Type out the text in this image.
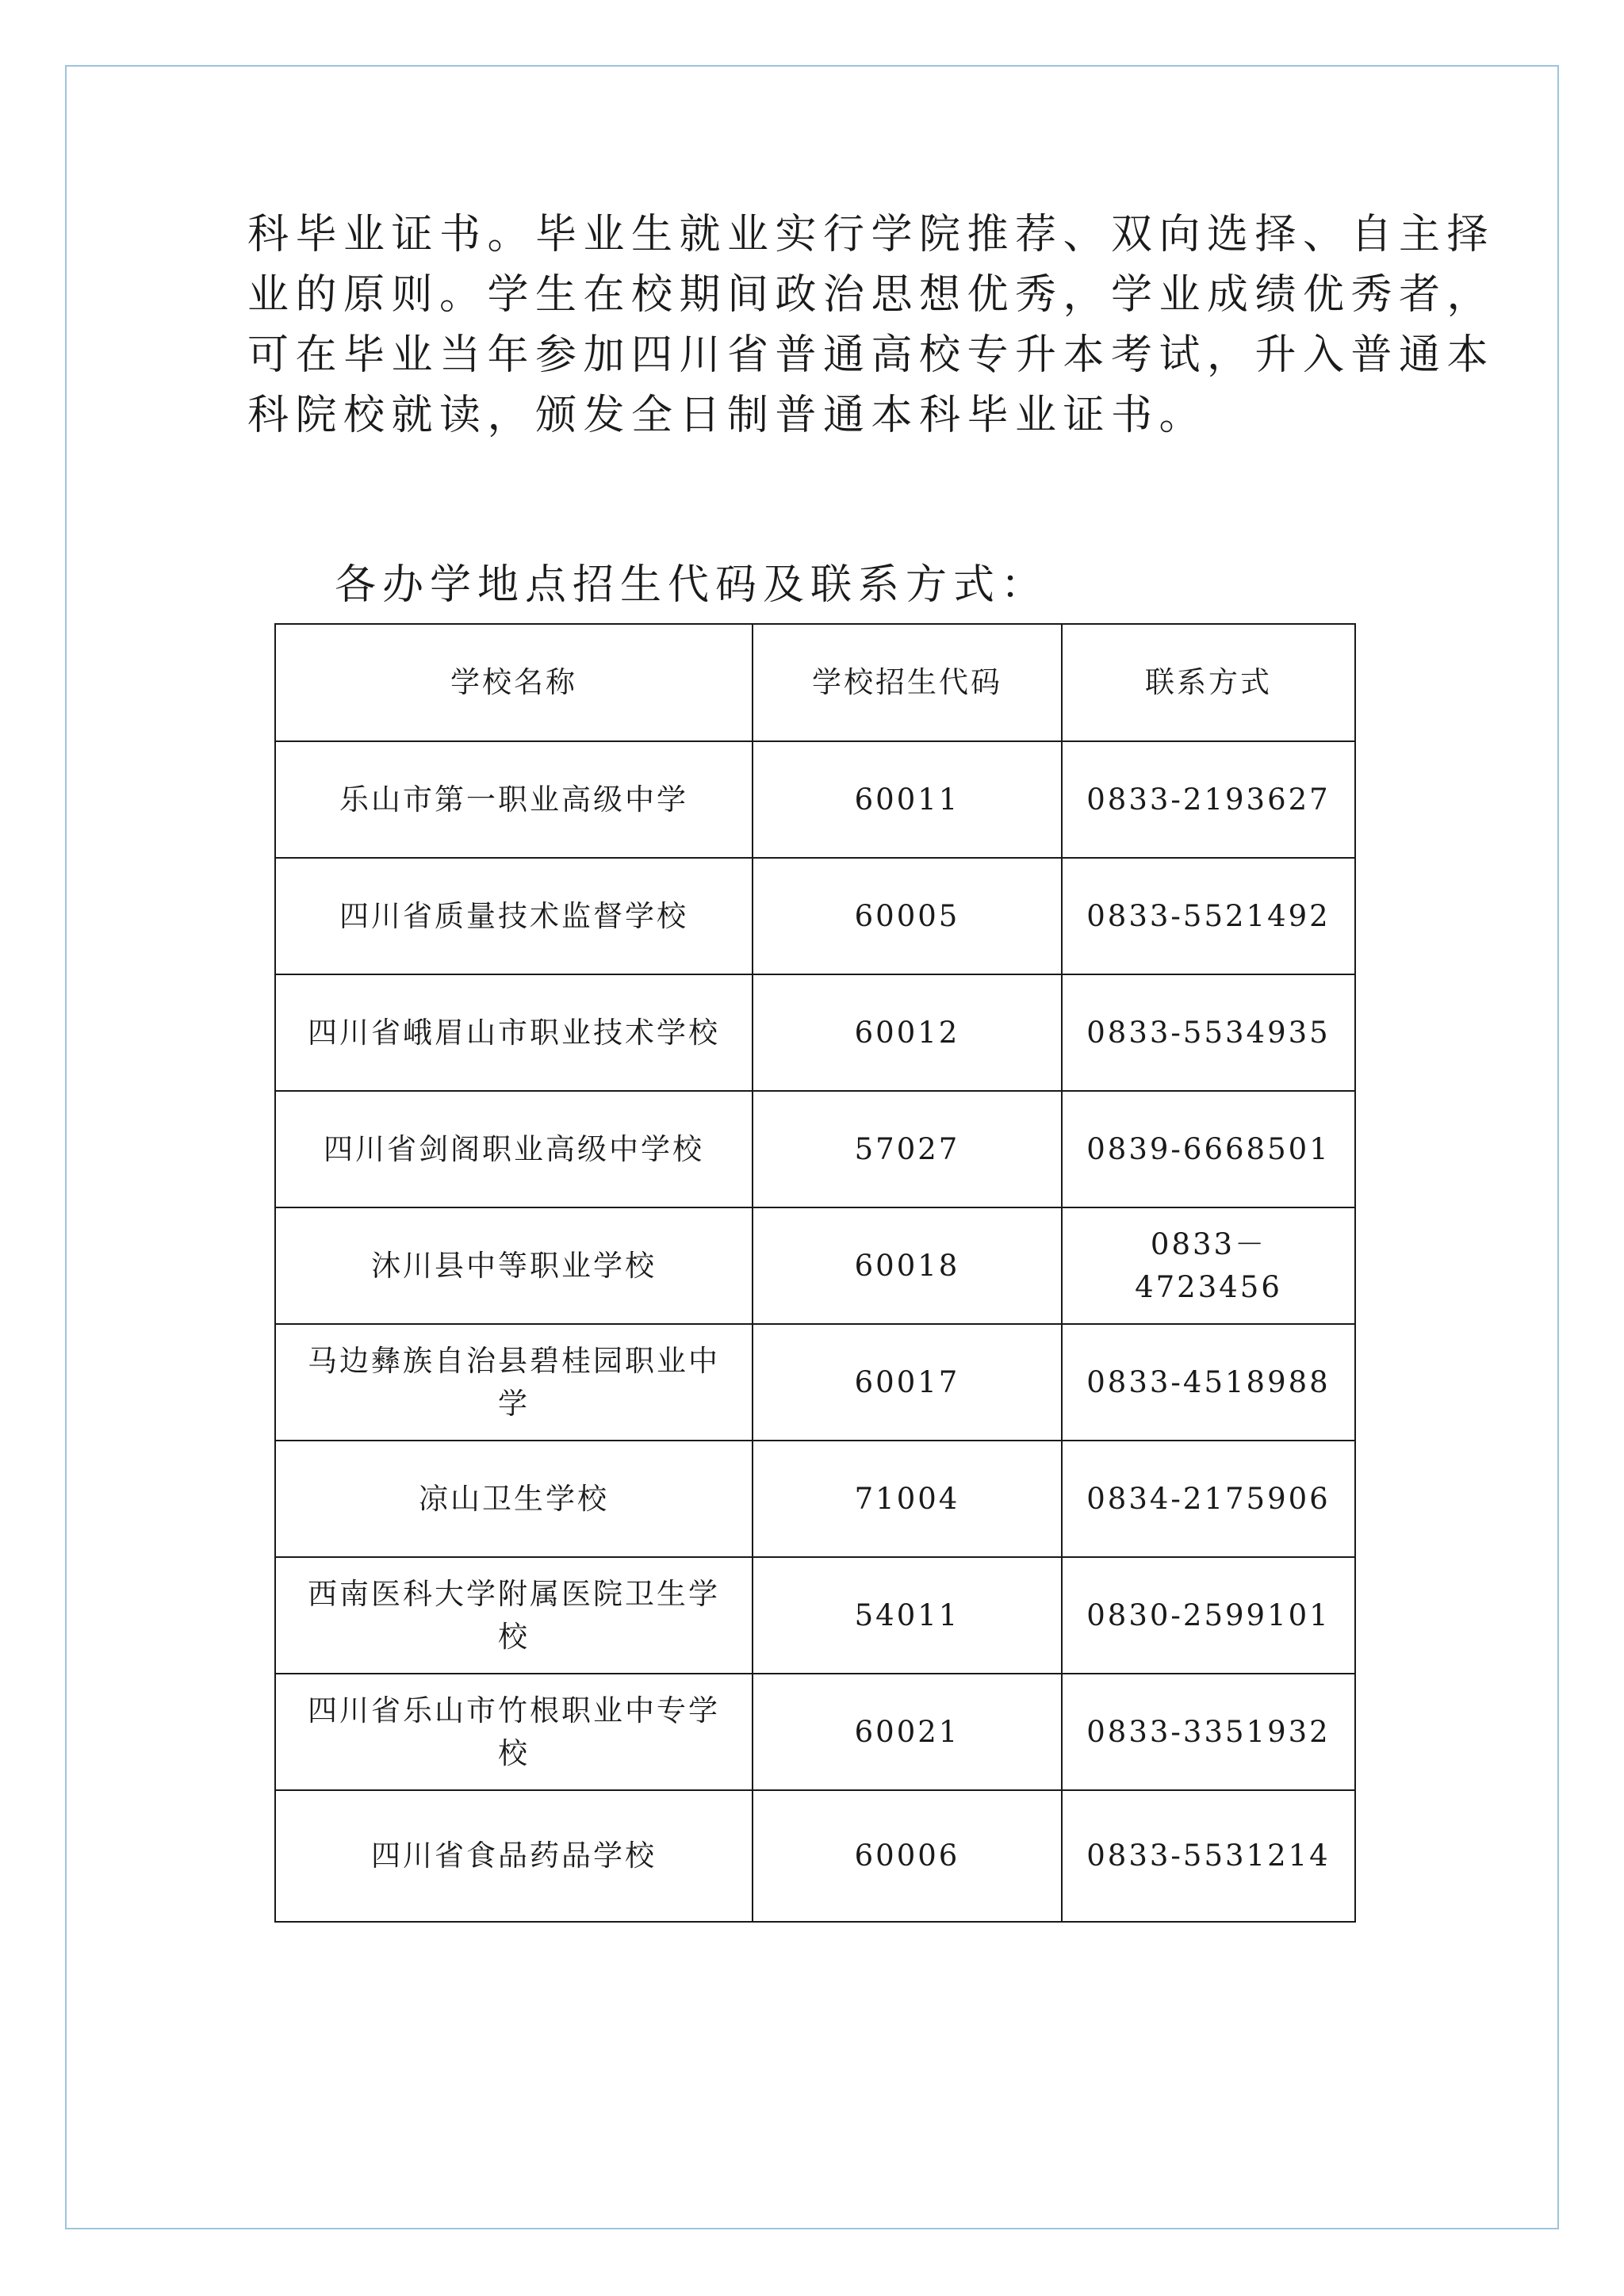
科毕业证书。毕业生就业实行学院推荐、双向选择、自主择

业的原则。学生在校期间政治思想优秀，学业成绩优秀者，

可在毕业当年参加四川省普通高校专升本考试，升入普通本

科院校就读，颁发全日制普通本科毕业证书。

各办学地点招生代码及联系方式：
学校名称	学校招生代码	联系方式
乐山市第一职业高级中学	60011	0833-2193627
四川省质量技术监督学校	60005	0833-5521492
四川省峨眉山市职业技术学校	60012	0833-5534935
四川省剑阁职业高级中学校	57027	0839-6668501
沐川县中等职业学校	60018	0833－4723456
马边彝族自治县碧桂园职业中学	60017	0833-4518988
凉山卫生学校	71004	0834-2175906
西南医科大学附属医院卫生学校	54011	0830-2599101
四川省乐山市竹根职业中专学校	60021	0833-3351932
四川省食品药品学校	60006	0833-5531214
